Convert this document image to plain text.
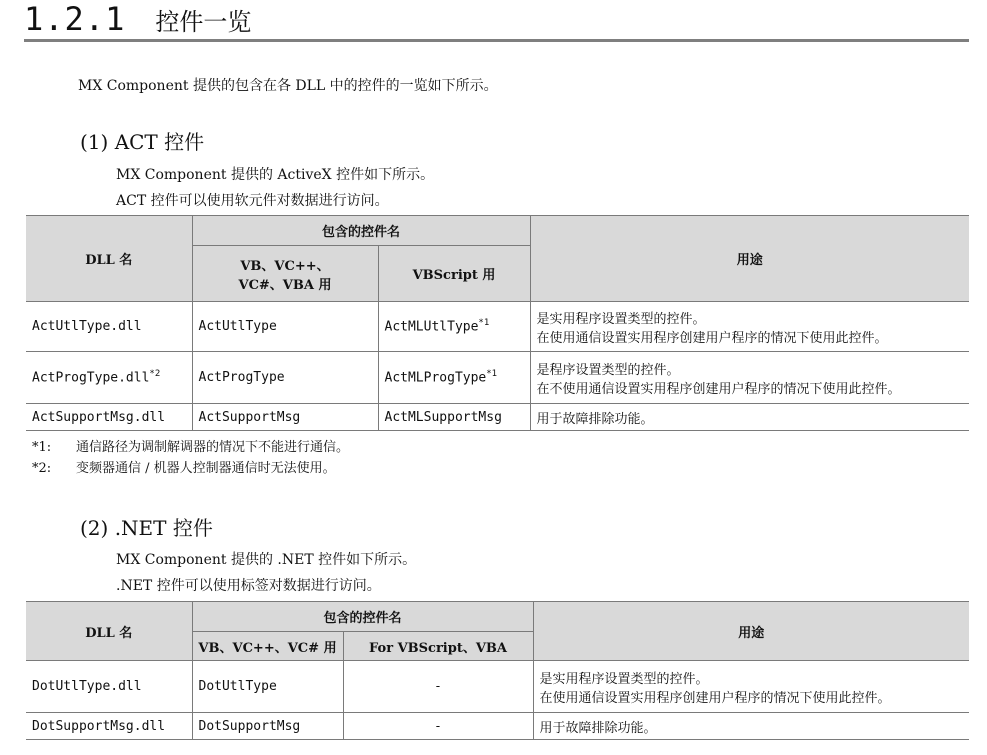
1.2.1 控件一览
MX Component 提供的包含在各 DLL 中的控件的一览如下所示。
(1) ACT 控件
MX Component 提供的 ActiveX 控件如下所示。
ACT 控件可以使用软元件对数据进行访问。
DLL 名	包含的控件名		用途
	VB、VC++、
VC#、VBA 用	VBScript 用	
ActUtlType.dll	ActUtlType	ActMLUtlType$^{*1}$	是实用程序设置类型的控件。
在使用通信设置实用程序创建用户程序的情况下使用此控件。
ActProgType.dll$^{*2}$	ActProgType	ActMLProgType$^{*1}$	是程序设置类型的控件。
在不使用通信设置实用程序创建用户程序的情况下使用此控件。
ActSupportMsg.dll	ActSupportMsg	ActMLSupportMsg	用于故障排除功能。
*1: 通信路径为调制解调器的情况下不能进行通信。
*2: 变频器通信 / 机器人控制器通信时无法使用。
(2) .NET 控件
MX Component 提供的 .NET 控件如下所示。
.NET 控件可以使用标签对数据进行访问。
DLL 名	包含的控件名		用途
	VB、VC++、VC# 用	For VBScript、VBA	
DotUtlType.dll	DotUtlType	-	是实用程序设置类型的控件。
在使用通信设置实用程序创建用户程序的情况下使用此控件。
DotSupportMsg.dll	DotSupportMsg	-	用于故障排除功能。
